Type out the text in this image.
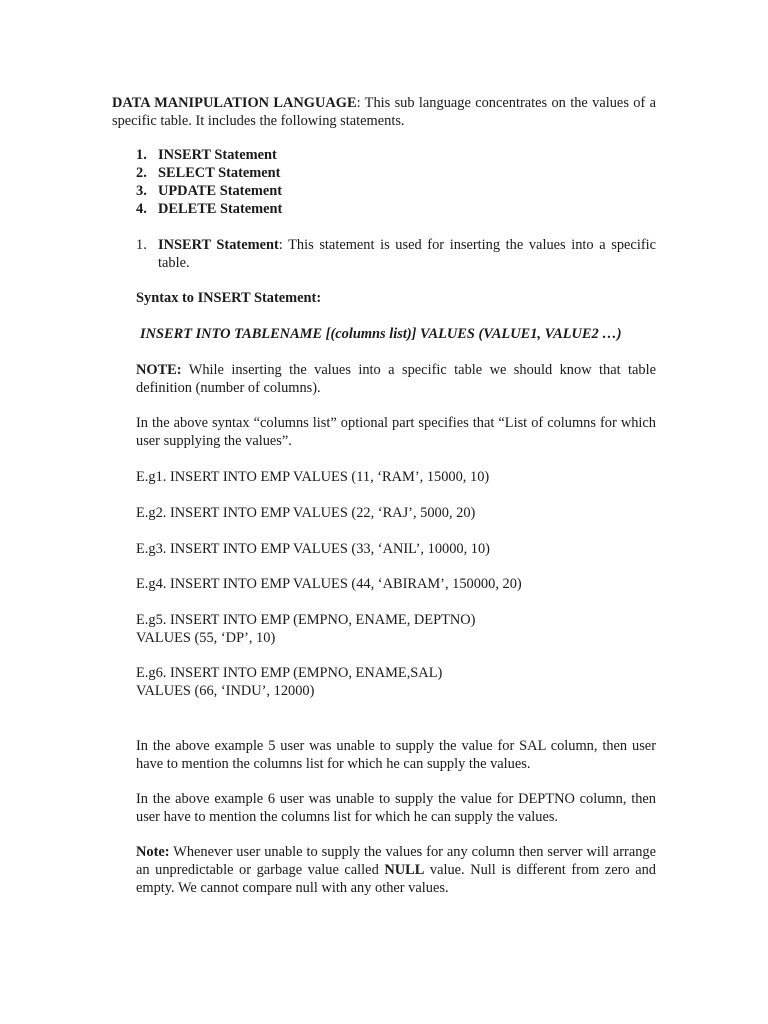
DATA MANIPULATION LANGUAGE: This sub language concentrates on the values of a specific table. It includes the following statements.

1. INSERT Statement
2. SELECT Statement
3. UPDATE Statement
4. DELETE Statement
1. INSERT Statement: This statement is used for inserting the values into a specific table.

Syntax to INSERT Statement:

INSERT INTO TABLENAME [(columns list)] VALUES (VALUE1, VALUE2 …)

NOTE: While inserting the values into a specific table we should know that table definition (number of columns).

In the above syntax “columns list” optional part specifies that “List of columns for which user supplying the values”.

E.g1. INSERT INTO EMP VALUES (11, ‘RAM’, 15000, 10)

E.g2. INSERT INTO EMP VALUES (22, ‘RAJ’, 5000, 20)

E.g3. INSERT INTO EMP VALUES (33, ‘ANIL’, 10000, 10)

E.g4. INSERT INTO EMP VALUES (44, ‘ABIRAM’, 150000, 20)

E.g5. INSERT INTO EMP (EMPNO, ENAME, DEPTNO)
VALUES (55, ‘DP’, 10)
E.g6. INSERT INTO EMP (EMPNO, ENAME,SAL)
VALUES (66, ‘INDU’, 12000)

In the above example 5 user was unable to supply the value for SAL column, then user have to mention the columns list for which he can supply the values.

In the above example 6 user was unable to supply the value for DEPTNO column, then user have to mention the columns list for which he can supply the values.

Note: Whenever user unable to supply the values for any column then server will arrange an unpredictable or garbage value called NULL value. Null is different from zero and empty. We cannot compare null with any other values.
